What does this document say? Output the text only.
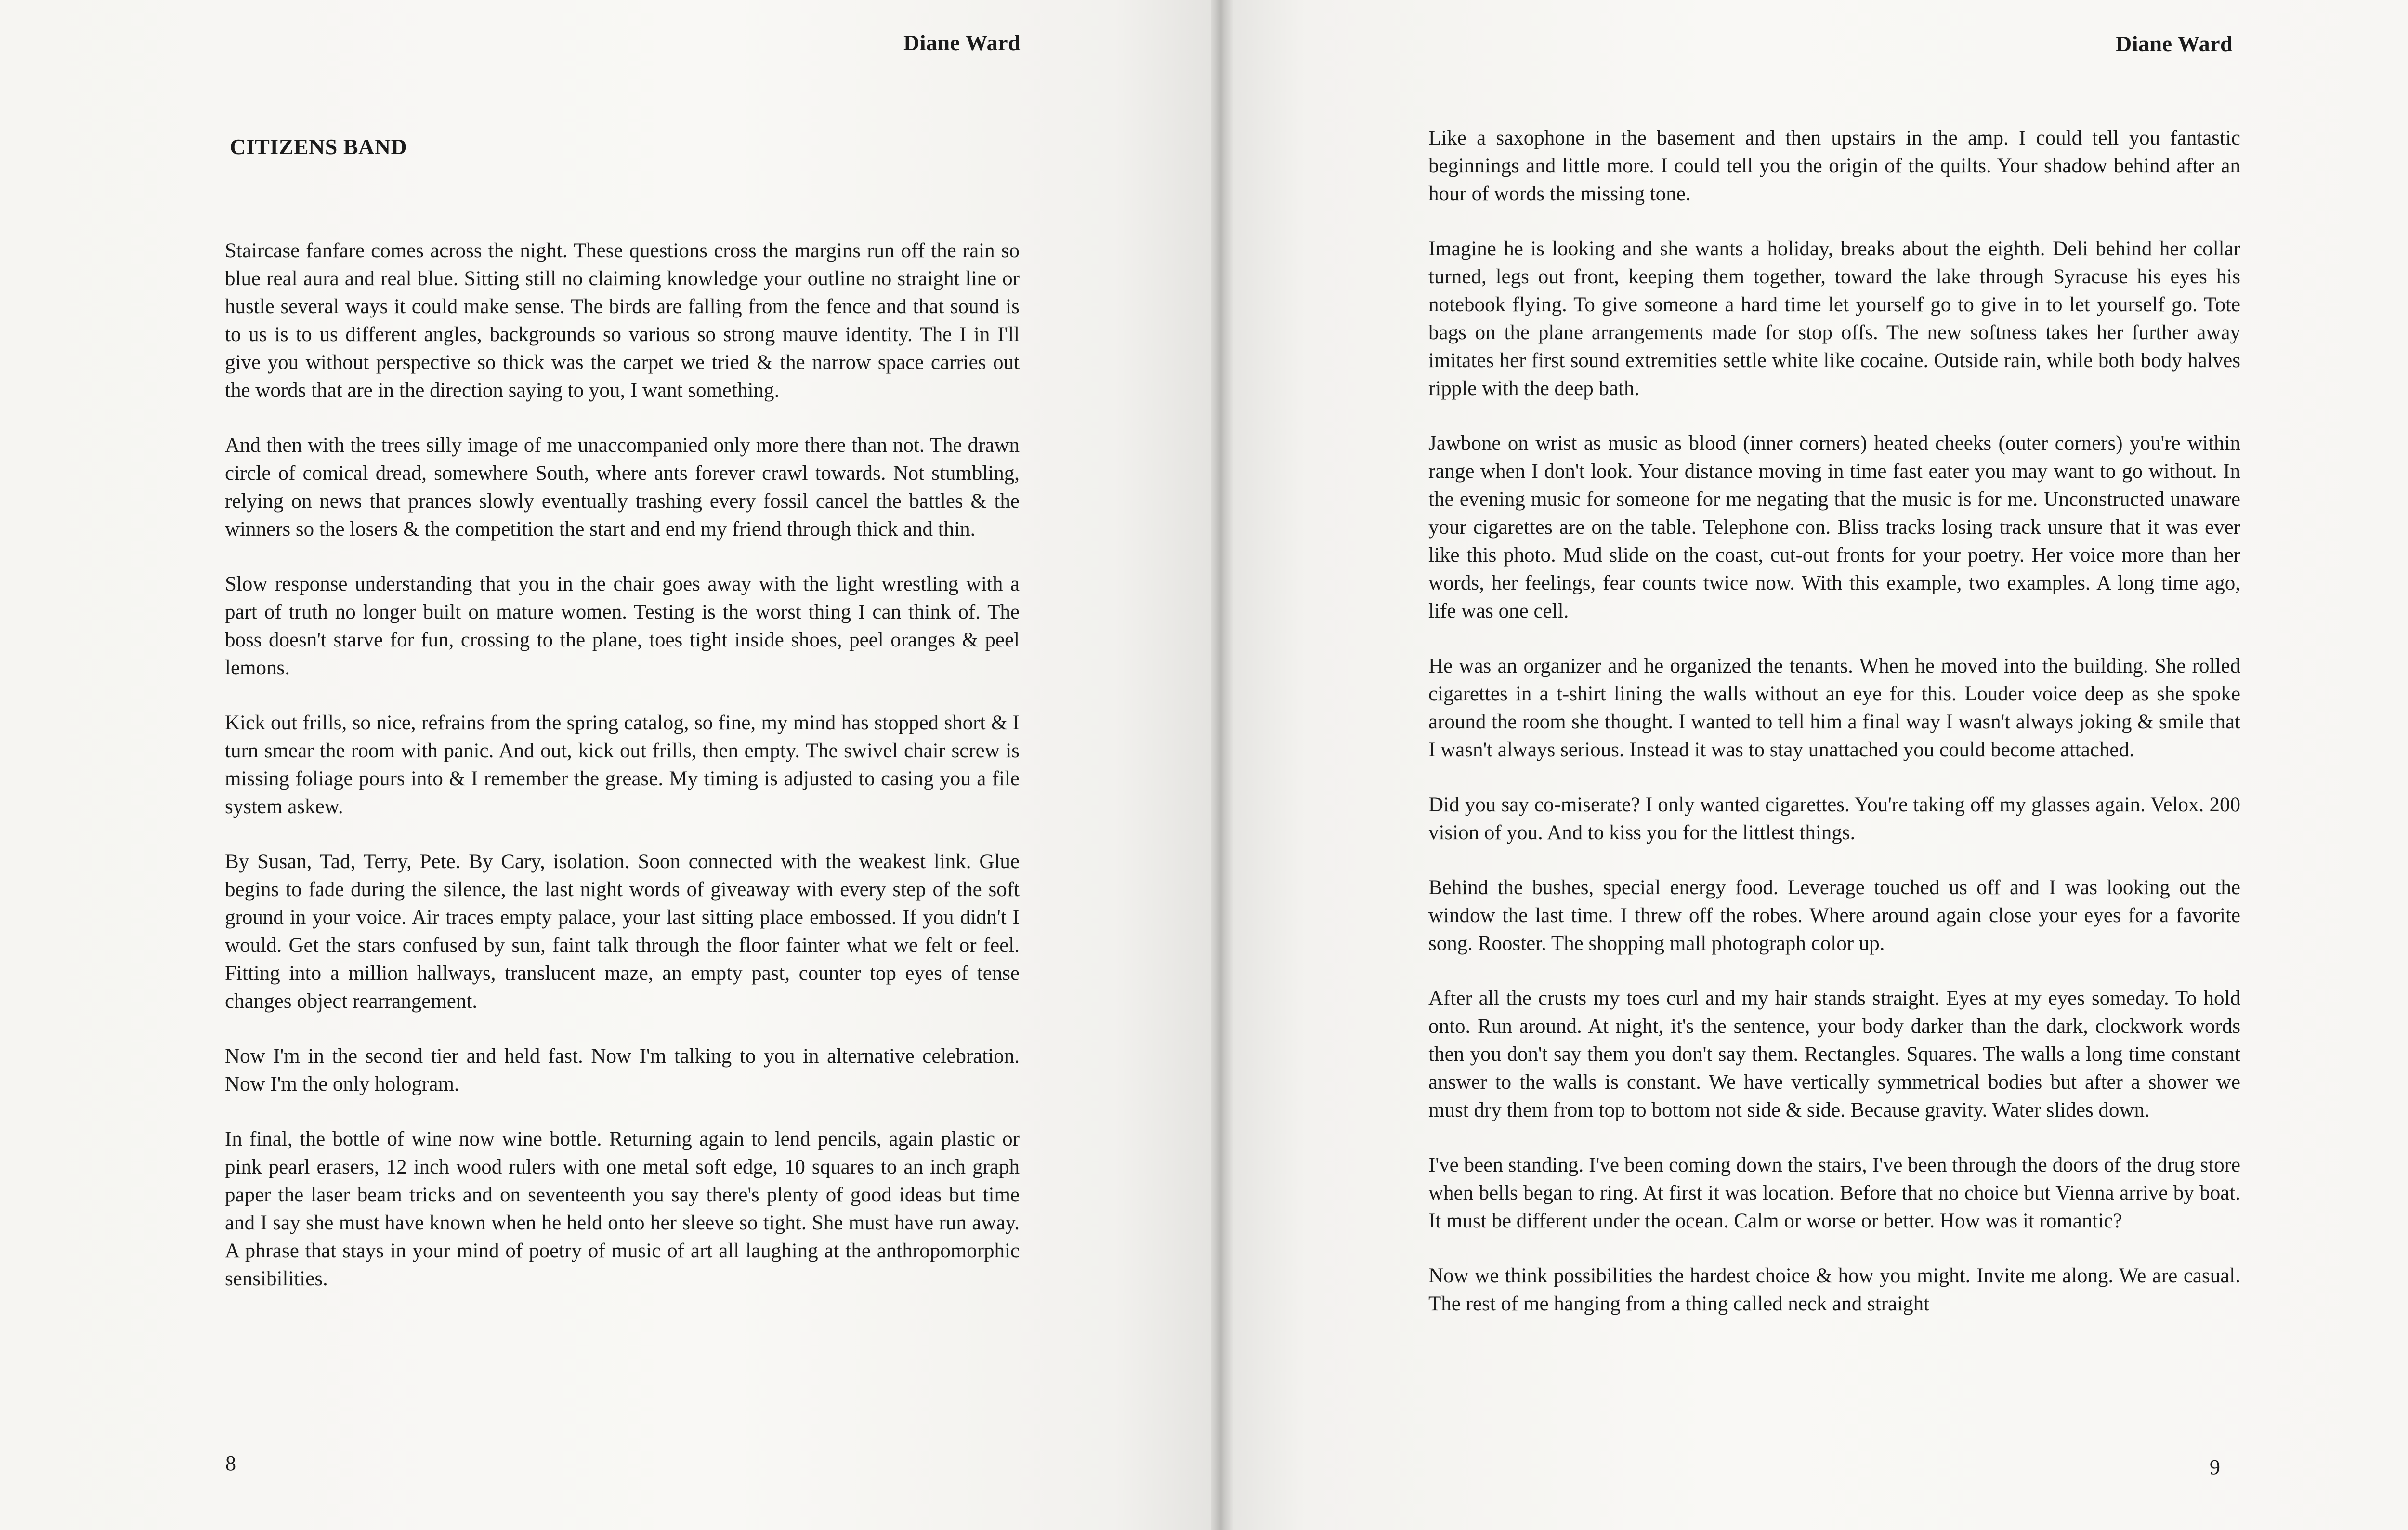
Diane Ward
CITIZENS BAND

Staircase fanfare comes across the night. These questions cross the margins run off the rain so blue real aura and real blue. Sitting still no claiming knowledge your outline no straight line or hustle several ways it could make sense. The birds are falling from the fence and that sound is to us is to us different angles, backgrounds so various so strong mauve identity. The I in I'll give you without perspective so thick was the carpet we tried & the narrow space carries out the words that are in the direction saying to you, I want something.

And then with the trees silly image of me unaccompanied only more there than not. The drawn circle of comical dread, somewhere South, where ants forever crawl towards. Not stumbling, relying on news that prances slowly eventually trashing every fossil cancel the battles & the winners so the losers & the competition the start and end my friend through thick and thin.

Slow response understanding that you in the chair goes away with the light wrestling with a part of truth no longer built on mature women. Testing is the worst thing I can think of. The boss doesn't starve for fun, crossing to the plane, toes tight inside shoes, peel oranges & peel lemons.

Kick out frills, so nice, refrains from the spring catalog, so fine, my mind has stopped short & I turn smear the room with panic. And out, kick out frills, then empty. The swivel chair screw is missing foliage pours into & I remember the grease. My timing is adjusted to casing you a file system askew.

By Susan, Tad, Terry, Pete. By Cary, isolation. Soon connected with the weakest link. Glue begins to fade during the silence, the last night words of giveaway with every step of the soft ground in your voice. Air traces empty palace, your last sitting place embossed. If you didn't I would. Get the stars confused by sun, faint talk through the floor fainter what we felt or feel. Fitting into a million hallways, translucent maze, an empty past, counter top eyes of tense changes object rearrangement.

Now I'm in the second tier and held fast. Now I'm talking to you in alternative celebration. Now I'm the only hologram.

In final, the bottle of wine now wine bottle. Returning again to lend pencils, again plastic or pink pearl erasers, 12 inch wood rulers with one metal soft edge, 10 squares to an inch graph paper the laser beam tricks and on seventeenth you say there's plenty of good ideas but time and I say she must have known when he held onto her sleeve so tight. She must have run away. A phrase that stays in your mind of poetry of music of art all laughing at the anthropomorphic sensibilities.

8
Diane Ward

Like a saxophone in the basement and then upstairs in the amp. I could tell you fantastic beginnings and little more. I could tell you the origin of the quilts. Your shadow behind after an hour of words the missing tone.

Imagine he is looking and she wants a holiday, breaks about the eighth. Deli behind her collar turned, legs out front, keeping them together, toward the lake through Syracuse his eyes his notebook flying. To give someone a hard time let yourself go to give in to let yourself go. Tote bags on the plane arrangements made for stop offs. The new softness takes her further away imitates her first sound extremities settle white like cocaine. Outside rain, while both body halves ripple with the deep bath.

Jawbone on wrist as music as blood (inner corners) heated cheeks (outer corners) you're within range when I don't look. Your distance moving in time fast eater you may want to go without. In the evening music for someone for me negating that the music is for me. Unconstructed unaware your cigarettes are on the table. Telephone con. Bliss tracks losing track unsure that it was ever like this photo. Mud slide on the coast, cut-out fronts for your poetry. Her voice more than her words, her feelings, fear counts twice now. With this example, two examples. A long time ago, life was one cell.

He was an organizer and he organized the tenants. When he moved into the building. She rolled cigarettes in a t-shirt lining the walls without an eye for this. Louder voice deep as she spoke around the room she thought. I wanted to tell him a final way I wasn't always joking & smile that I wasn't always serious. Instead it was to stay unattached you could become attached.

Did you say co-miserate? I only wanted cigarettes. You're taking off my glasses again. Velox. 200 vision of you. And to kiss you for the littlest things.

Behind the bushes, special energy food. Leverage touched us off and I was looking out the window the last time. I threw off the robes. Where around again close your eyes for a favorite song. Rooster. The shopping mall photograph color up.

After all the crusts my toes curl and my hair stands straight. Eyes at my eyes someday. To hold onto. Run around. At night, it's the sentence, your body darker than the dark, clockwork words then you don't say them you don't say them. Rectangles. Squares. The walls a long time constant answer to the walls is constant. We have vertically symmetrical bodies but after a shower we must dry them from top to bottom not side & side. Because gravity. Water slides down.

I've been standing. I've been coming down the stairs, I've been through the doors of the drug store when bells began to ring. At first it was location. Before that no choice but Vienna arrive by boat. It must be different under the ocean. Calm or worse or better. How was it romantic?

Now we think possibilities the hardest choice & how you might. Invite me along. We are casual. The rest of me hanging from a thing called neck and straight

9
